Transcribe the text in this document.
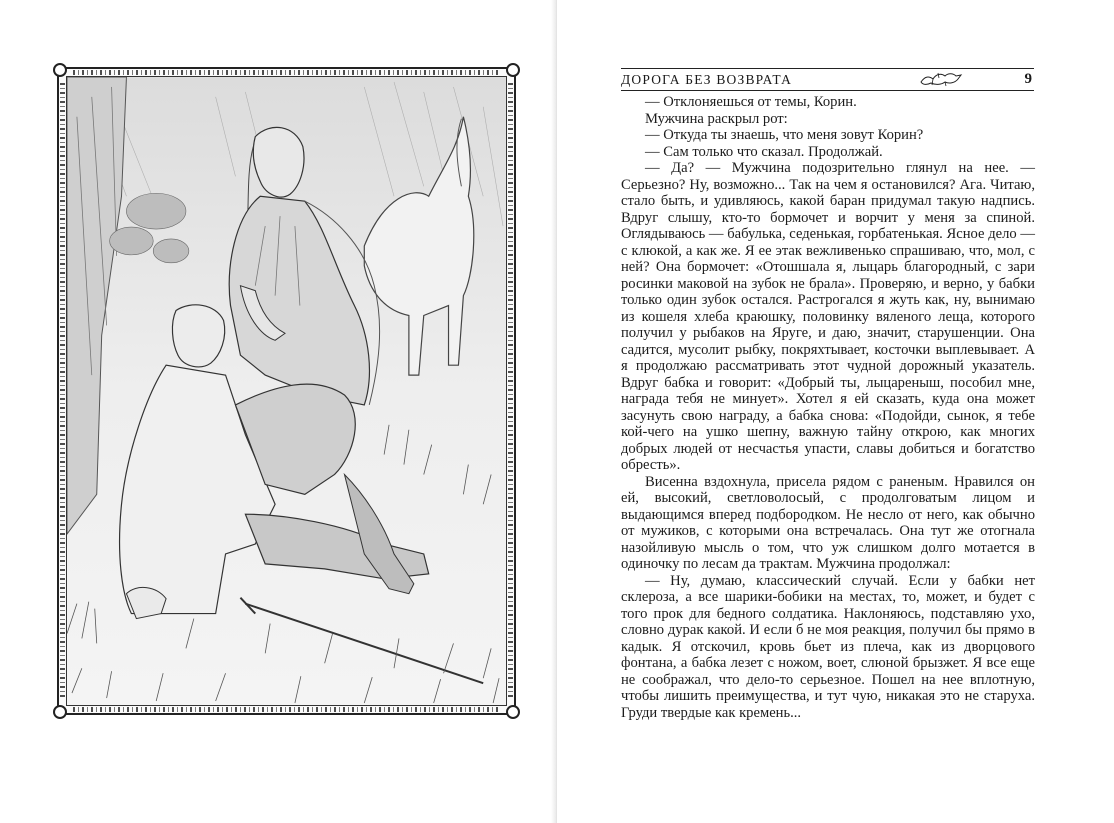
ДОРОГА БЕЗ ВОЗВРАТА	9

— Отклоняешься от темы, Корин.

Мужчина раскрыл рот:

— Откуда ты знаешь, что меня зовут Корин?

— Сам только что сказал. Продолжай.

— Да? — Мужчина подозрительно глянул на нее. — Серьезно? Ну, возможно... Так на чем я остановился? Ага. Читаю, стало быть, и удивляюсь, какой баран придумал такую надпись. Вдруг слышу, кто-то бормочет и ворчит у меня за спиной. Оглядываюсь — бабулька, седенькая, горбатенькая. Ясное дело — с клюкой, а как же. Я ее этак вежливенько спрашиваю, что, мол, с ней? Она бормочет: «Отошшала я, лыцарь благородный, с зари росинки маковой на зубок не брала». Проверяю, и верно, у бабки только один зубок остался. Растрогался я жуть как, ну, вынимаю из кошеля хлеба краюшку, половинку вяленого леща, которого получил у рыбаков на Яруге, и даю, значит, старушенции. Она садится, мусолит рыбку, покряхтывает, косточки выплевывает. А я продолжаю рассматривать этот чудной дорожный указатель. Вдруг бабка и говорит: «Добрый ты, лыцареныш, пособил мне, награда тебя не минует». Хотел я ей сказать, куда она может засунуть свою награду, а бабка снова: «Подойди, сынок, я тебе кой-чего на ушко шепну, важную тайну открою, как многих добрых людей от несчастья упасти, славы добиться и богатство обресть».

Висенна вздохнула, присела рядом с раненым. Нравился он ей, высокий, светловолосый, с продолговатым лицом и выдающимся вперед подбородком. Не несло от него, как обычно от мужиков, с которыми она встречалась. Она тут же отогнала назойливую мысль о том, что уж слишком долго мотается в одиночку по лесам да трактам. Мужчина продолжал:

— Ну, думаю, классический случай. Если у бабки нет склероза, а все шарики-бобики на местах, то, может, и будет с того прок для бедного солдатика. Наклоняюсь, подставляю ухо, словно дурак какой. И если б не моя реакция, получил бы прямо в кадык. Я отскочил, кровь бьет из плеча, как из дворцового фонтана, а бабка лезет с ножом, воет, слюной брызжет. Я все еще не соображал, что дело-то серьезное. Пошел на нее вплотную, чтобы лишить преимущества, и тут чую, никакая это не старуха. Груди твердые как кремень...
